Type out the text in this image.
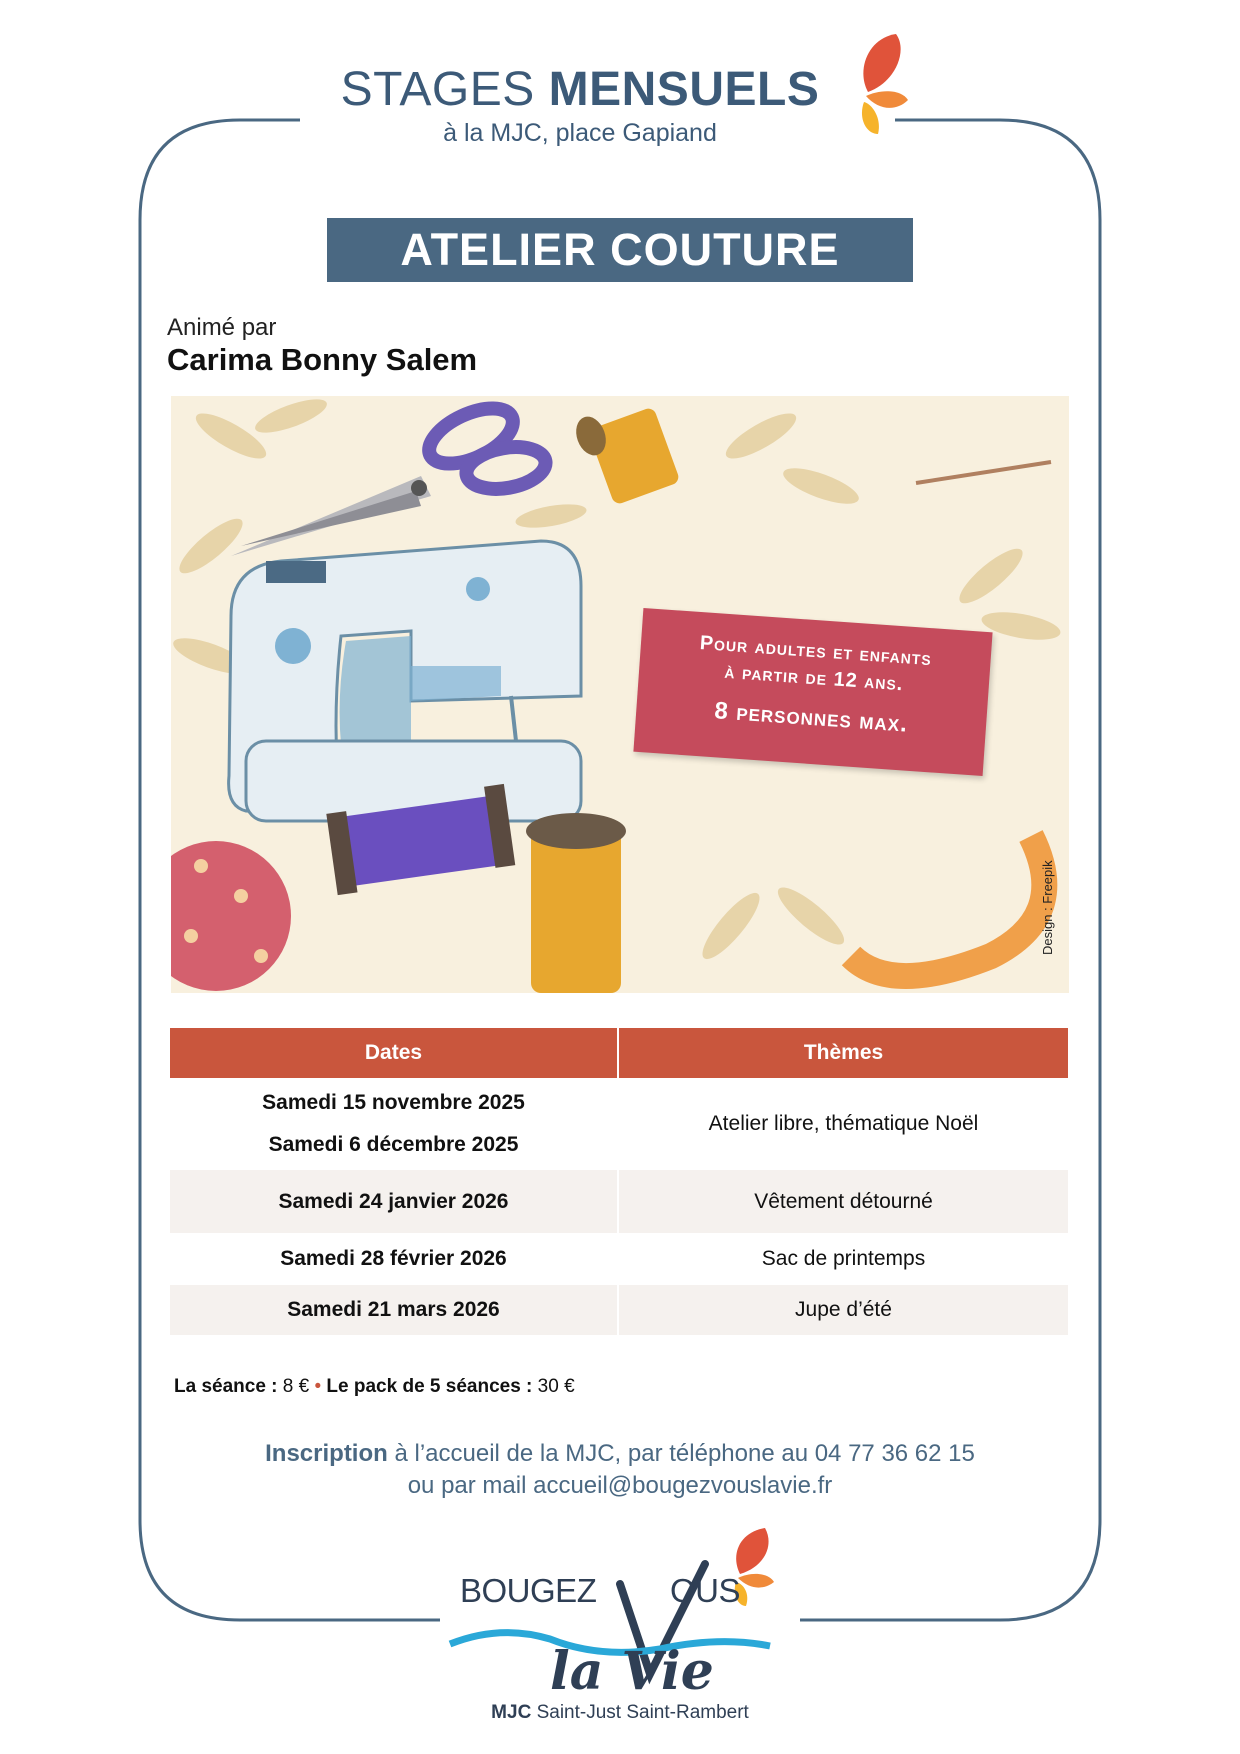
STAGES MENSUELS
à la MJC, place Gapiand
ATELIER COUTURE
Animé par
Carima Bonny Salem
Pour adultes et enfants
à partir de 12 ans.
8 personnes max.
Design : Freepik
Dates	Thèmes

Samedi 15 novembre 2025
Samedi 6 décembre 2025	Atelier libre, thématique Noël
Samedi 24 janvier 2026	Vêtement détourné
Samedi 28 février 2026	Sac de printemps
Samedi 21 mars 2026	Jupe d’été
La séance : 8 € • Le pack de 5 séances : 30 €
Inscription à l’accueil de la MJC, par téléphone au 04 77 36 62 15
ou par mail accueil@bougezvouslavie.fr
la Vie
BOUGEZ OUS
MJC Saint-Just Saint-Rambert
